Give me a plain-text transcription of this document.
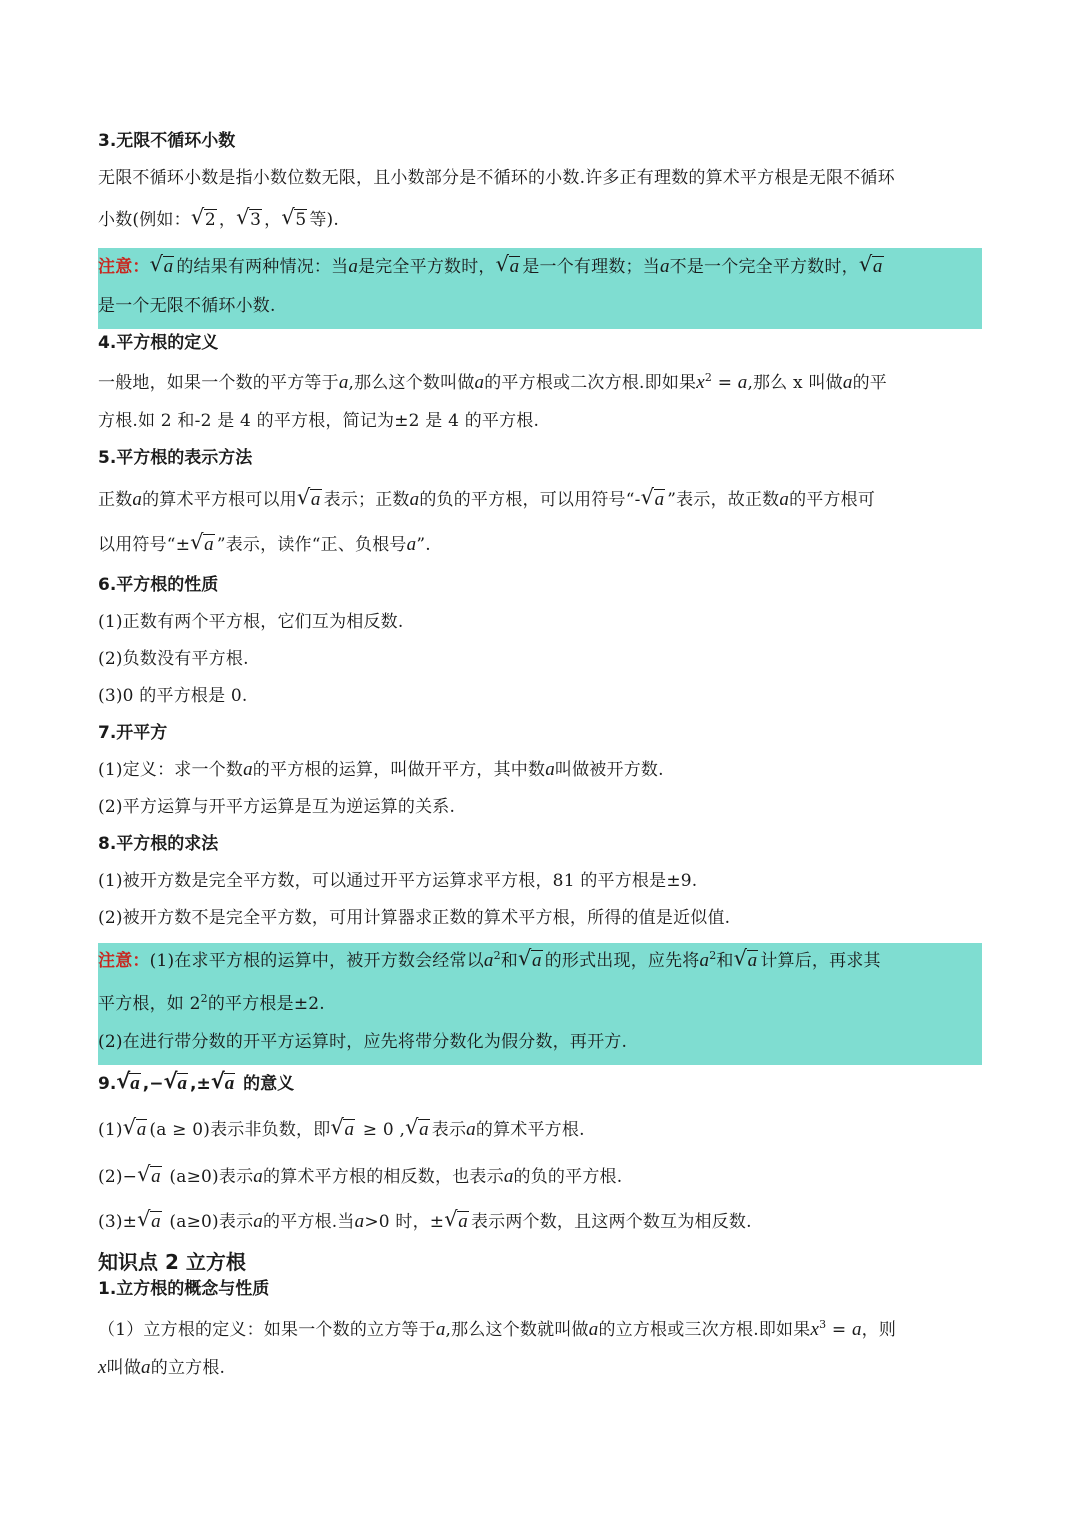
3.无限不循环小数
无限不循环小数是指小数位数无限，且小数部分是不循环的小数.许多正有理数的算术平方根是无限不循环
小数(例如： √ 2 ， √ 3 ， √ 5 等).
注意： √ a 的结果有两种情况：当a是完全平方数时， √ a 是一个有理数；当a不是一个完全平方数时， √ a
是一个无限不循环小数.
4.平方根的定义
一般地，如果一个数的平方等于a,那么这个数叫做a的平方根或二次方根.即如果$x^2 = a$,那么 x 叫做a的平
方根.如 2 和-2 是 4 的平方根，简记为±2 是 4 的平方根.
5.平方根的表示方法
正数a的算术平方根可以用 √ a 表示；正数a的负的平方根，可以用符号“- √ a ”表示，故正数a的平方根可
以用符号“± √ a ”表示，读作“正、负根号a”.
6.平方根的性质
(1)正数有两个平方根，它们互为相反数.
(2)负数没有平方根.
(3)0 的平方根是 0.
7.开平方
(1)定义：求一个数a的平方根的运算，叫做开平方，其中数a叫做被开方数.
(2)平方运算与开平方运算是互为逆运算的关系.
8.平方根的求法
(1)被开方数是完全平方数，可以通过开平方运算求平方根，81 的平方根是±9.
(2)被开方数不是完全平方数，可用计算器求正数的算术平方根，所得的值是近似值.
注意：(1)在求平方根的运算中，被开方数会经常以$a^2$和 √ a 的形式出现，应先将$a^2$和 √ a 计算后，再求其
平方根，如 $2^2$的平方根是±2.
(2)在进行带分数的开平方运算时，应先将带分数化为假分数，再开方.
9. √ a ,− √ a ,± √ a 的意义
(1) √ a (a ≥ 0)表示非负数，即 √ a ≥ 0 , √ a 表示a的算术平方根.
(2)− √ a (a≥0)表示a的算术平方根的相反数，也表示a的负的平方根.
(3)± √ a (a≥0)表示a的平方根.当a>0 时，± √ a 表示两个数，且这两个数互为相反数.
知识点 2 立方根
1.立方根的概念与性质
（1）立方根的定义：如果一个数的立方等于a,那么这个数就叫做a的立方根或三次方根.即如果$x^3 = a$，则
x叫做a的立方根.
